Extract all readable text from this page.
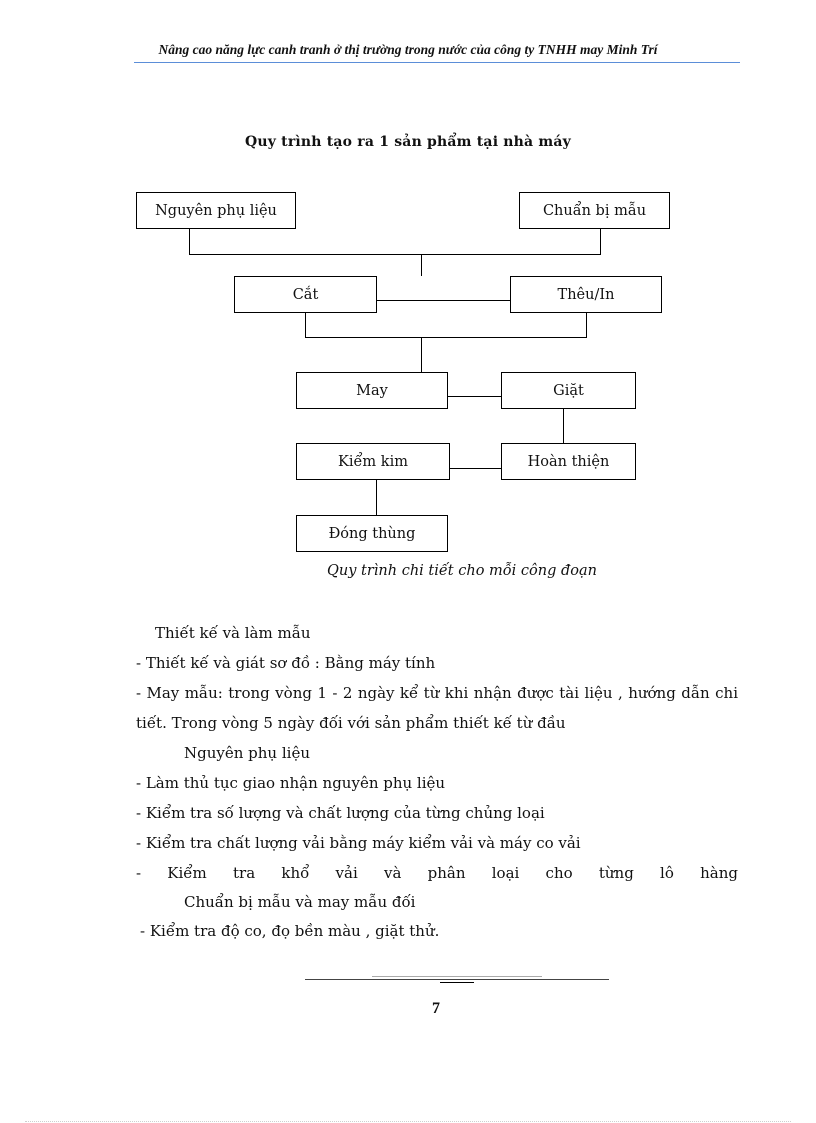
Nâng cao năng lực canh tranh ở thị trường trong nước của công ty TNHH may Minh Trí
Quy trình tạo ra 1 sản phẩm tại nhà máy
Nguyên phụ liệu	Chuẩn bị mẫu
Cắt	Thêu/In
May	Giặt
Kiểm kim	Hoàn thiện
Đóng thùng
Quy trình chi tiết cho mỗi công đoạn

Thiết kế và làm mẫu

- Thiết kế và giát sơ đồ : Bằng máy tính

- May mẫu: trong vòng 1 - 2 ngày kể từ khi nhận được tài liệu , hướng dẫn chi tiết. Trong vòng 5 ngày đối với sản phẩm thiết kế từ đầu

Nguyên phụ liệu

- Làm thủ tục giao nhận nguyên phụ liệu

- Kiểm tra số lượng và chất lượng của từng chủng loại

- Kiểm tra chất lượng vải bằng máy kiểm vải và máy co vải

- Kiểm tra khổ vải và phân loại cho từng lô hàng

Chuẩn bị mẫu và may mẫu đối

- Kiểm tra độ co, đọ bền màu , giặt thử.

7
